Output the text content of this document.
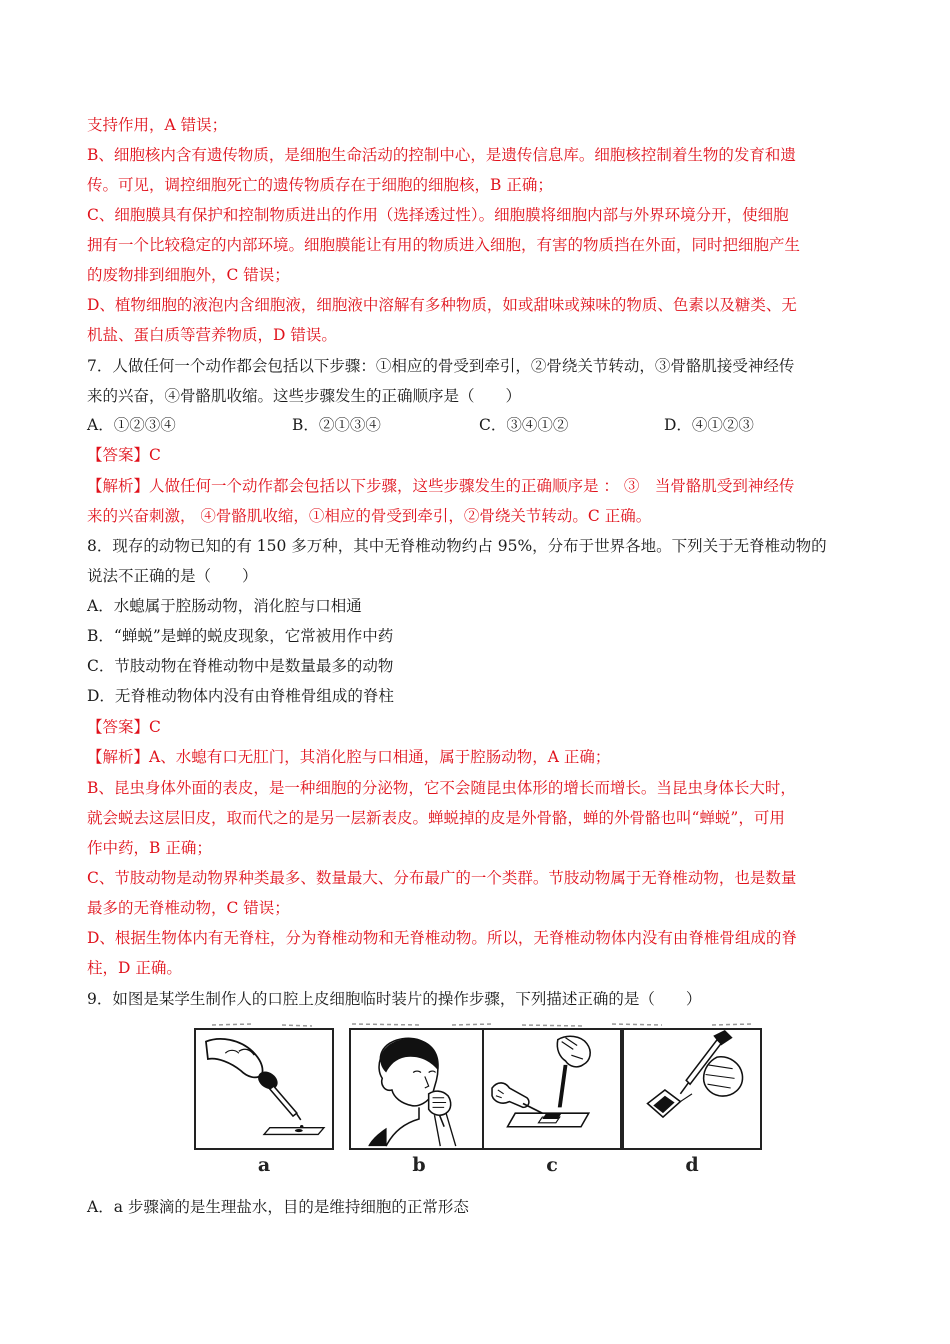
支持作用，A 错误；
B、细胞核内含有遗传物质，是细胞生命活动的控制中心，是遗传信息库。细胞核控制着生物的发育和遗
传。可见，调控细胞死亡的遗传物质存在于细胞的细胞核，B 正确；
C、细胞膜具有保护和控制物质进出的作用（选择透过性）。细胞膜将细胞内部与外界环境分开，使细胞
拥有一个比较稳定的内部环境。细胞膜能让有用的物质进入细胞，有害的物质挡在外面，同时把细胞产生
的废物排到细胞外，C 错误；
D、植物细胞的液泡内含细胞液，细胞液中溶解有多种物质，如或甜味或辣味的物质、色素以及糖类、无
机盐、蛋白质等营养物质，D 错误。
7．人做任何一个动作都会包括以下步骤：①相应的骨受到牵引，②骨绕关节转动，③骨骼肌接受神经传
来的兴奋，④骨骼肌收缩。这些步骤发生的正确顺序是（　　）
A．①②③④	B．②①③④	C．③④①②	D．④①②③
【答案】C
【解析】人做任何一个动作都会包括以下步骤，这些步骤发生的正确顺序是 ： ③　当骨骼肌受到神经传
来的兴奋刺激， ④骨骼肌收缩，①相应的骨受到牵引，②骨绕关节转动。C 正确。
8．现存的动物已知的有 150 多万种，其中无脊椎动物约占 95%，分布于世界各地。下列关于无脊椎动物的
说法不正确的是（　　）
A．水螅属于腔肠动物，消化腔与口相通
B．“蝉蜕”是蝉的蜕皮现象，它常被用作中药
C．节肢动物在脊椎动物中是数量最多的动物
D．无脊椎动物体内没有由脊椎骨组成的脊柱
【答案】C
【解析】A、水螅有口无肛门，其消化腔与口相通，属于腔肠动物，A 正确；
B、昆虫身体外面的表皮，是一种细胞的分泌物，它不会随昆虫体形的增长而增长。当昆虫身体长大时，
就会蜕去这层旧皮，取而代之的是另一层新表皮。蝉蜕掉的皮是外骨骼，蝉的外骨骼也叫“蝉蜕”，可用
作中药，B 正确；
C、节肢动物是动物界种类最多、数量最大、分布最广的一个类群。节肢动物属于无脊椎动物，也是数量
最多的无脊椎动物，C 错误；
D、根据生物体内有无脊柱，分为脊椎动物和无脊椎动物。所以，无脊椎动物体内没有由脊椎骨组成的脊
柱，D 正确。
9．如图是某学生制作人的口腔上皮细胞临时装片的操作步骤，下列描述正确的是（　　）
a	b	c	d
A．a 步骤滴的是生理盐水，目的是维持细胞的正常形态
